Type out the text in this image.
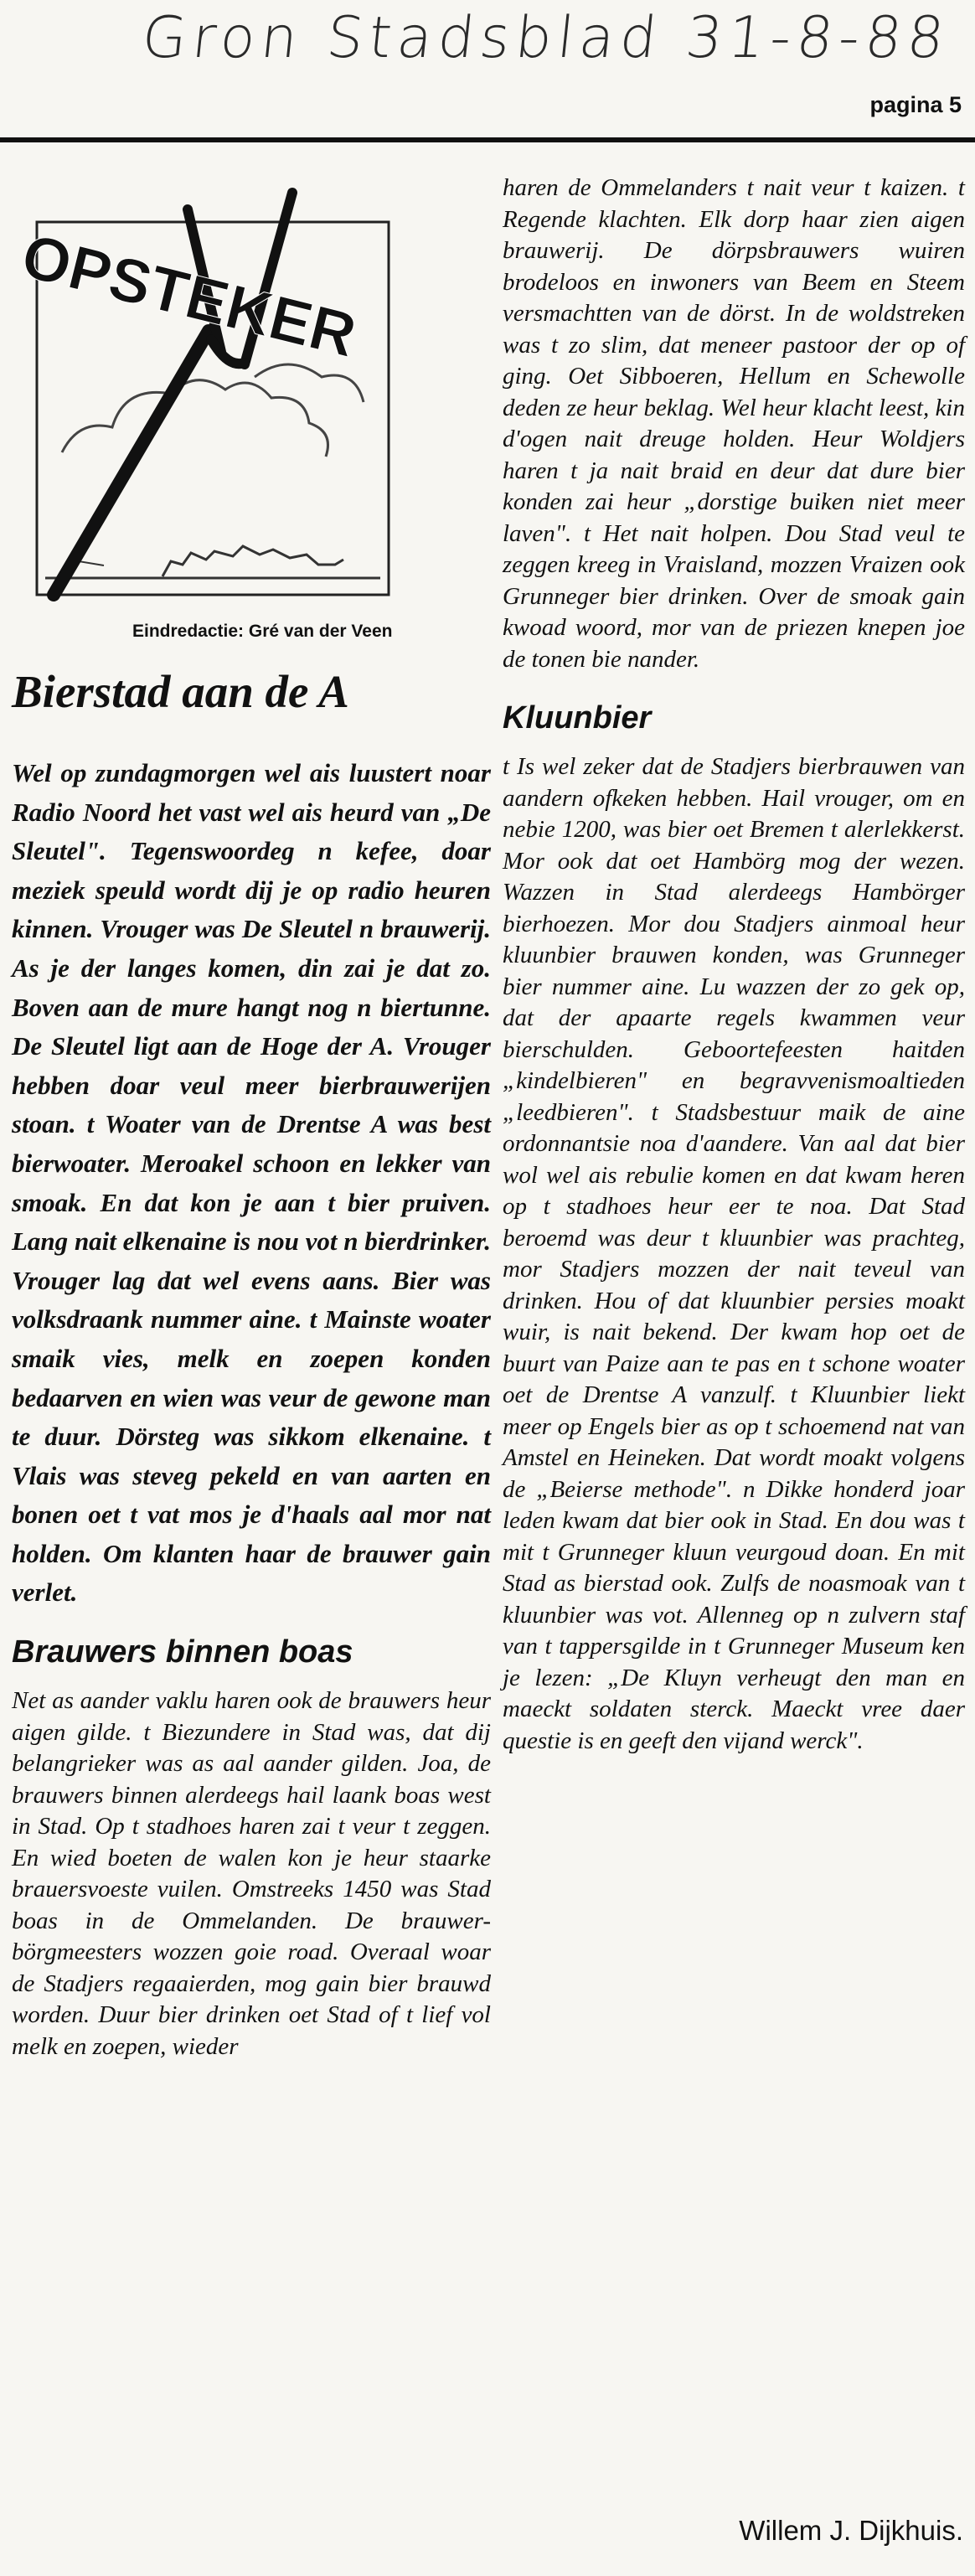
Gron Stadsblad 31-8-88
pagina 5
OPSTEKER
Eindredactie: Gré van der Veen
Bierstad aan de A

Wel op zundagmorgen wel ais luustert noar Radio Noord het vast wel ais heurd van „De Sleutel". Tegenswoordeg n kefee, doar meziek speuld wordt dij je op radio heuren kinnen. Vrouger was De Sleutel n brauwerij. As je der langes komen, din zai je dat zo. Boven aan de mure hangt nog n biertunne. De Sleutel ligt aan de Hoge der A. Vrouger hebben doar veul meer bierbrauwerijen stoan. t Woater van de Drentse A was best bierwoater. Meroakel schoon en lekker van smoak. En dat kon je aan t bier pruiven. Lang nait elkenaine is nou vot n bierdrinker. Vrouger lag dat wel evens aans. Bier was volksdraank nummer aine. t Mainste woater smaik vies, melk en zoepen konden bedaarven en wien was veur de gewone man te duur. Dörsteg was sikkom elkenaine. t Vlais was steveg pekeld en van aarten en bonen oet t vat mos je d'haals aal mor nat holden. Om klanten haar de brauwer gain verlet.

Brauwers binnen boas

Net as aander vaklu haren ook de brauwers heur aigen gilde. t Biezundere in Stad was, dat dij belangrieker was as aal aander gilden. Joa, de brauwers binnen alerdeegs hail laank boas west in Stad. Op t stadhoes haren zai t veur t zeggen. En wied boeten de walen kon je heur staarke brauersvoeste vuilen. Omstreeks 1450 was Stad boas in de Ommelanden. De brauwer-börgmeesters wozzen goie road. Overaal woar de Stadjers regaaierden, mog gain bier brauwd worden. Duur bier drinken oet Stad of t lief vol melk en zoepen, wieder

haren de Ommelanders t nait veur t kaizen. t Regende klachten. Elk dorp haar zien aigen brauwerij. De dörpsbrauwers wuiren brodeloos en inwoners van Beem en Steem versmachtten van de dörst. In de woldstreken was t zo slim, dat meneer pastoor der op of ging. Oet Sibboeren, Hellum en Schewolle deden ze heur beklag. Wel heur klacht leest, kin d'ogen nait dreuge holden. Heur Woldjers haren t ja nait braid en deur dat dure bier konden zai heur „dorstige buiken niet meer laven". t Het nait holpen. Dou Stad veul te zeggen kreeg in Vraisland, mozzen Vraizen ook Grunneger bier drinken. Over de smoak gain kwoad woord, mor van de priezen knepen joe de tonen bie nander.

Kluunbier

t Is wel zeker dat de Stadjers bierbrauwen van aandern ofkeken hebben. Hail vrouger, om en nebie 1200, was bier oet Bremen t alerlekkerst. Mor ook dat oet Hambörg mog der wezen. Wazzen in Stad alerdeegs Hambörger bierhoezen. Mor dou Stadjers ainmoal heur kluunbier brauwen konden, was Grunneger bier nummer aine. Lu wazzen der zo gek op, dat der apaarte regels kwammen veur bierschulden. Geboortefeesten haitden „kindelbieren" en begravvenismoaltieden „leedbieren". t Stadsbestuur maik de aine ordonnantsie noa d'aandere. Van aal dat bier wol wel ais rebulie komen en dat kwam heren op t stadhoes heur eer te noa. Dat Stad beroemd was deur t kluunbier was prachteg, mor Stadjers mozzen der nait teveul van drinken. Hou of dat kluunbier persies moakt wuir, is nait bekend. Der kwam hop oet de buurt van Paize aan te pas en t schone woater oet de Drentse A vanzulf. t Kluunbier liekt meer op Engels bier as op t schoemend nat van Amstel en Heineken. Dat wordt moakt volgens de „Beierse methode". n Dikke honderd joar leden kwam dat bier ook in Stad. En dou was t mit t Grunneger kluun veurgoud doan. En mit Stad as bierstad ook. Zulfs de noasmoak van t kluunbier was vot. Allenneg op n zulvern staf van t tappersgilde in t Grunneger Museum ken je lezen: „De Kluyn verheugt den man en maeckt soldaten sterck. Maeckt vree daer questie is en geeft den vijand werck".

Willem J. Dijkhuis.
